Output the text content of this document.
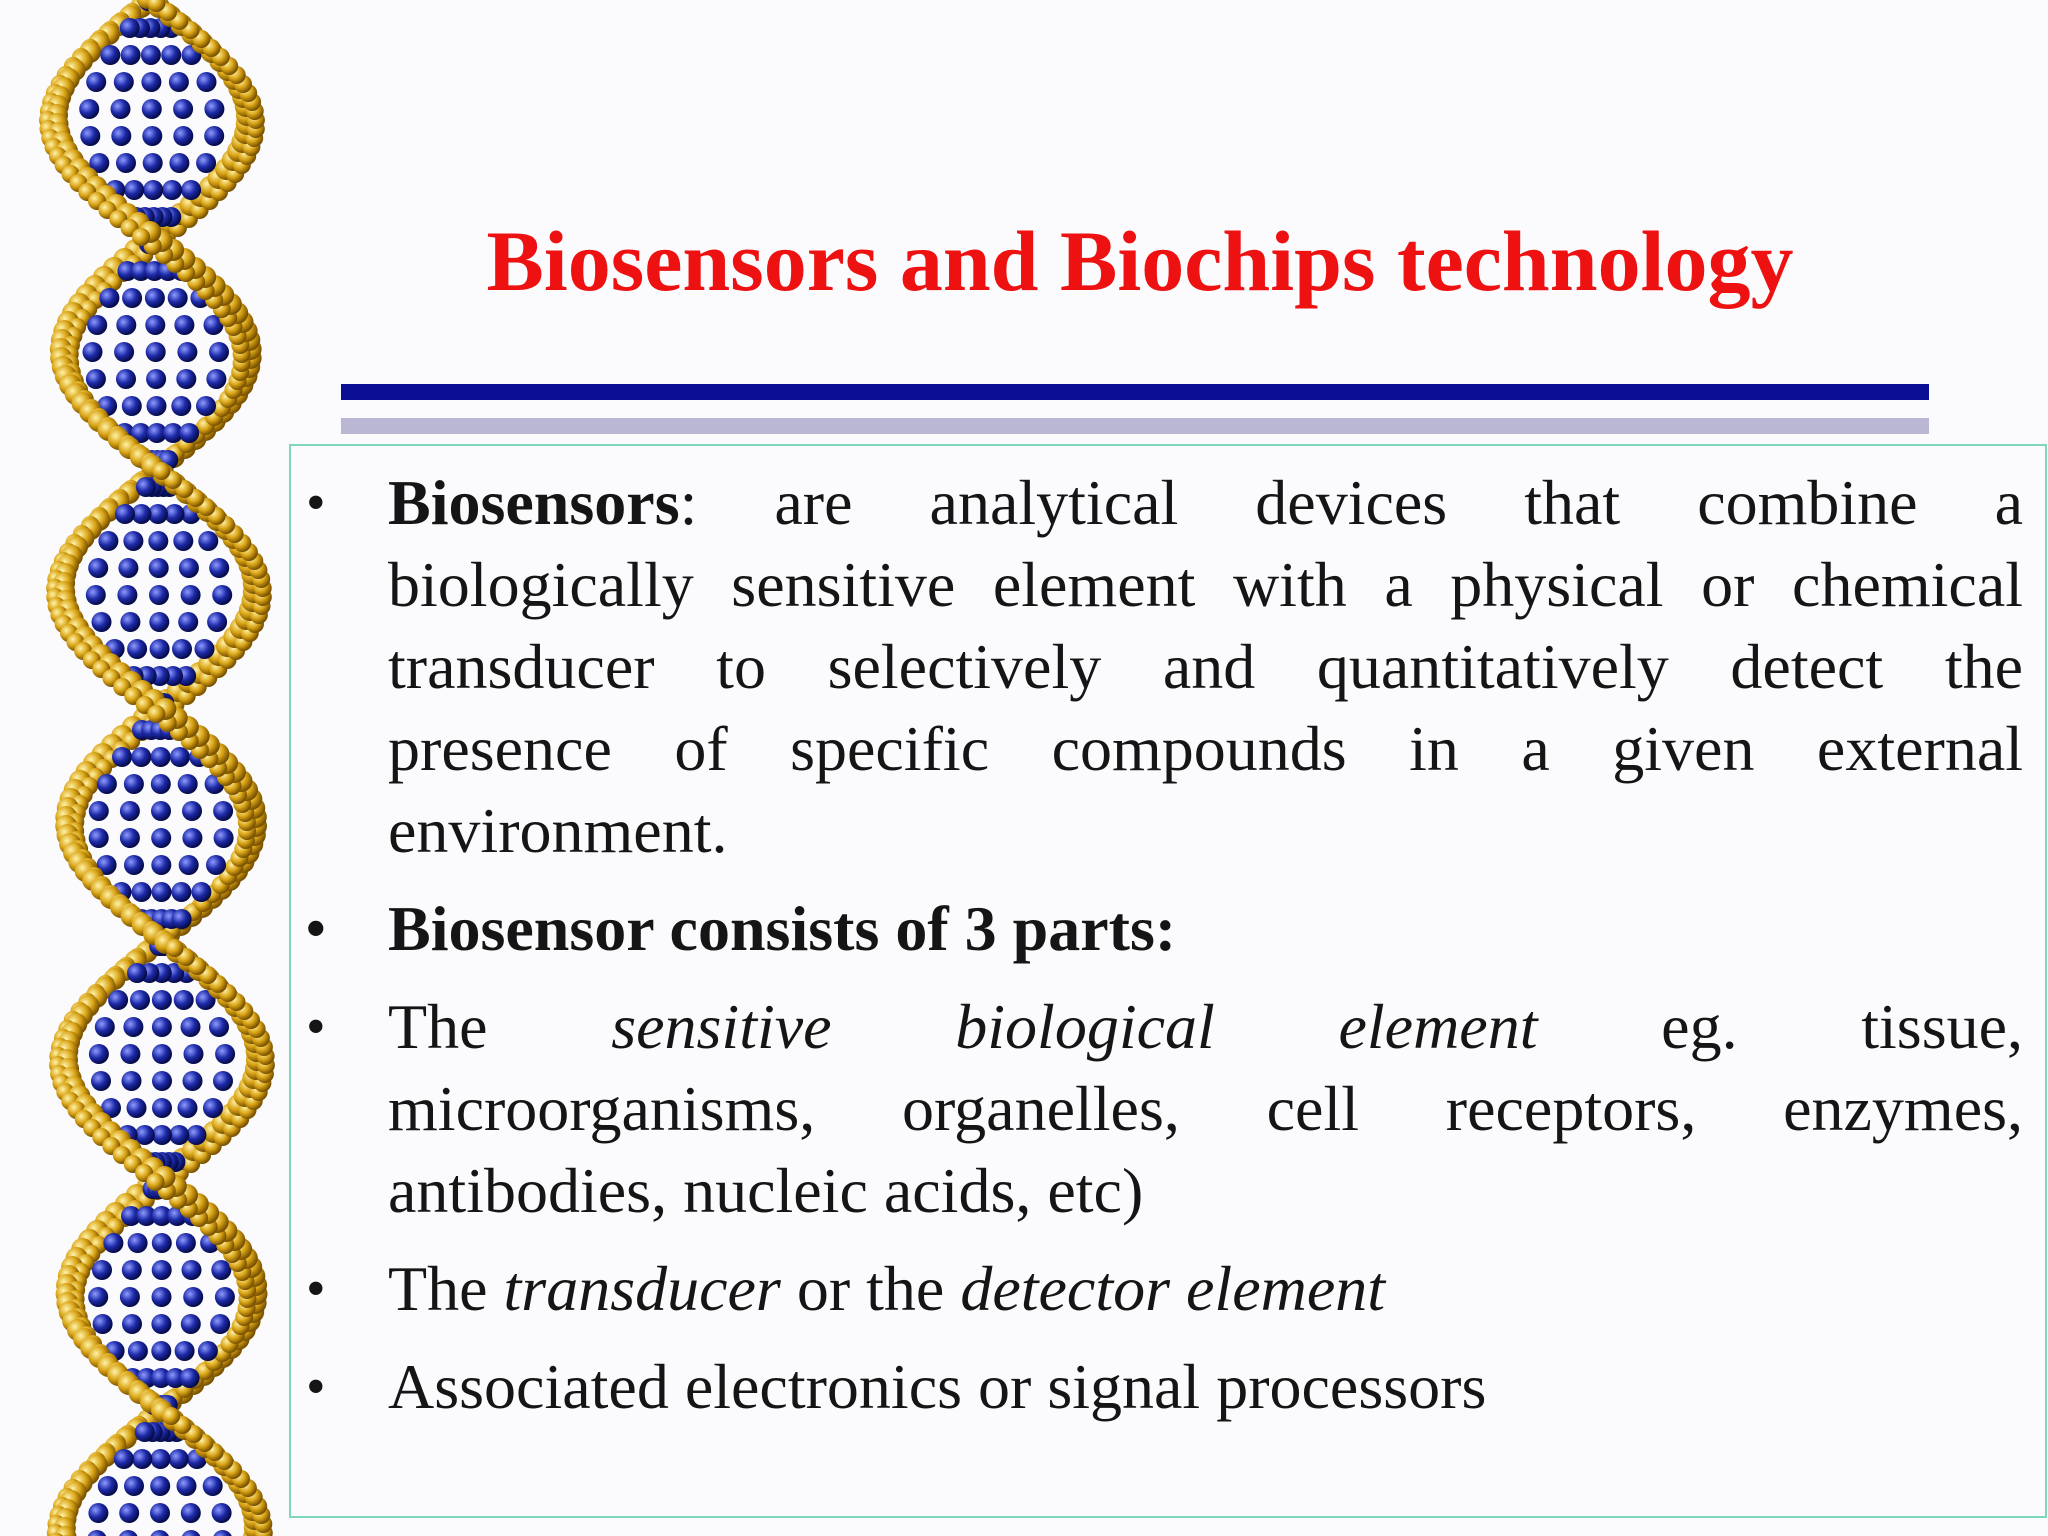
Biosensors and Biochips technology
• Biosensors: are analytical devices that combine a
biologically sensitive element with a physical or chemical
transducer to selectively and quantitatively detect the
presence of specific compounds in a given external
environment.
• Biosensor consists of 3 parts:
• The sensitive biological element eg. tissue,
microorganisms, organelles, cell receptors, enzymes,
antibodies, nucleic acids, etc)
• The transducer or the detector element
• Associated electronics or signal processors
